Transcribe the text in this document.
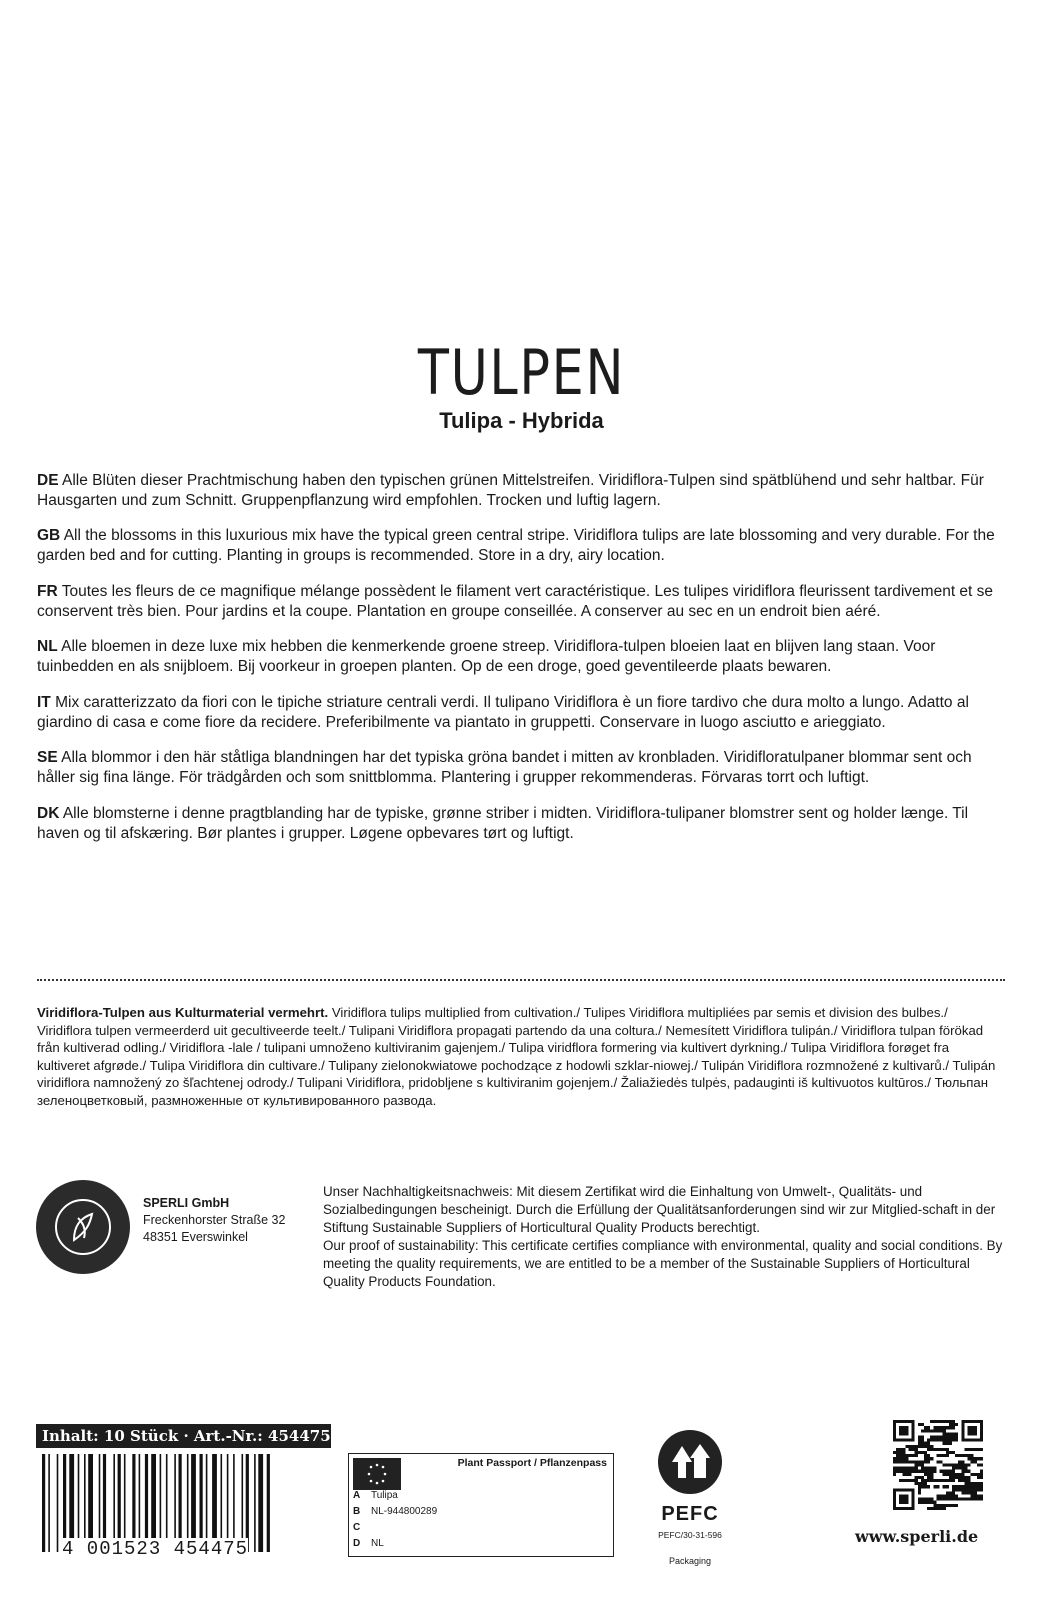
TULPEN
Tulipa - Hybrida

DE Alle Blüten dieser Prachtmischung haben den typischen grünen Mittelstreifen. Viridiflora-Tulpen sind spätblühend und sehr haltbar. Für Hausgarten und zum Schnitt. Gruppenpflanzung wird empfohlen. Trocken und luftig lagern.

GB All the blossoms in this luxurious mix have the typical green central stripe. Viridiflora tulips are late blossoming and very durable. For the garden bed and for cutting. Planting in groups is recommended. Store in a dry, airy location.

FR Toutes les fleurs de ce magnifique mélange possèdent le filament vert caractéristique. Les tulipes viridiflora fleurissent tardivement et se conservent très bien. Pour jardins et la coupe. Plantation en groupe conseillée. A conserver au sec en un endroit bien aéré.

NL Alle bloemen in deze luxe mix hebben die kenmerkende groene streep. Viridiflora-tulpen bloeien laat en blijven lang staan. Voor tuinbedden en als snijbloem. Bij voorkeur in groepen planten. Op de een droge, goed geventileerde plaats bewaren.

IT Mix caratterizzato da fiori con le tipiche striature centrali verdi. Il tulipano Viridiflora è un fiore tardivo che dura molto a lungo. Adatto al giardino di casa e come fiore da recidere. Preferibilmente va piantato in gruppetti. Conservare in luogo asciutto e arieggiato.

SE Alla blommor i den här ståtliga blandningen har det typiska gröna bandet i mitten av kronbladen. Viridifloratulpaner blommar sent och håller sig fina länge. För trädgården och som snittblomma. Plantering i grupper rekommenderas. Förvaras torrt och luftigt.

DK Alle blomsterne i denne pragtblanding har de typiske, grønne striber i midten. Viridiflora-tulipaner blomstrer sent og holder længe. Til haven og til afskæring. Bør plantes i grupper. Løgene opbevares tørt og luftigt.

Viridiflora-Tulpen aus Kulturmaterial vermehrt. Viridiflora tulips multiplied from cultivation./ Tulipes Viridiflora multipliées par semis et division des bulbes./ Viridiflora tulpen vermeerderd uit gecultiveerde teelt./ Tulipani Viridiflora propagati partendo da una coltura./ Nemesített Viridiflora tulipán./ Viridiflora tulpan förökad från kultiverad odling./ Viridiflora -lale / tulipani umnoženo kultiviranim gajenjem./ Tulipa viridflora formering via kultivert dyrkning./ Tulipa Viridiflora forøget fra kultiveret afgrøde./ Tulipa Viridiflora din cultivare./ Tulipany zielonokwiatowe pochodzące z hodowli szklar-niowej./ Tulipán Viridiflora rozmnožené z kultivarů./ Tulipán viridiflora namnožený zo šľachtenej odrody./ Tulipani Viridiflora, pridobljene s kultiviranim gojenjem./ Žaliažiedės tulpės, padauginti iš kultivuotos kultūros./ Тюльпан зеленоцветковый, размноженные от культивированного развода.
SPERLI GmbH
Freckenhorster Straße 32
48351 Everswinkel
Unser Nachhaltigkeitsnachweis: Mit diesem Zertifikat wird die Einhaltung von Umwelt-, Qualitäts- und Sozialbedingungen bescheinigt. Durch die Erfüllung der Qualitätsanforderungen sind wir zur Mitglied-schaft in der Stiftung Sustainable Suppliers of Horticultural Quality Products berechtigt.
Our proof of sustainability: This certificate certifies compliance with environmental, quality and social conditions. By meeting the quality requirements, we are entitled to be a member of the Sustainable Suppliers of Horticultural Quality Products Foundation.
Inhalt: 10 Stück · Art.-Nr.: 454475
4 001523 454475
Plant Passport / Pflanzenpass
A Tulipa
B NL-944800289
C
D NL
PEFC
PEFC/30-31-596
Packaging
www.sperli.de
